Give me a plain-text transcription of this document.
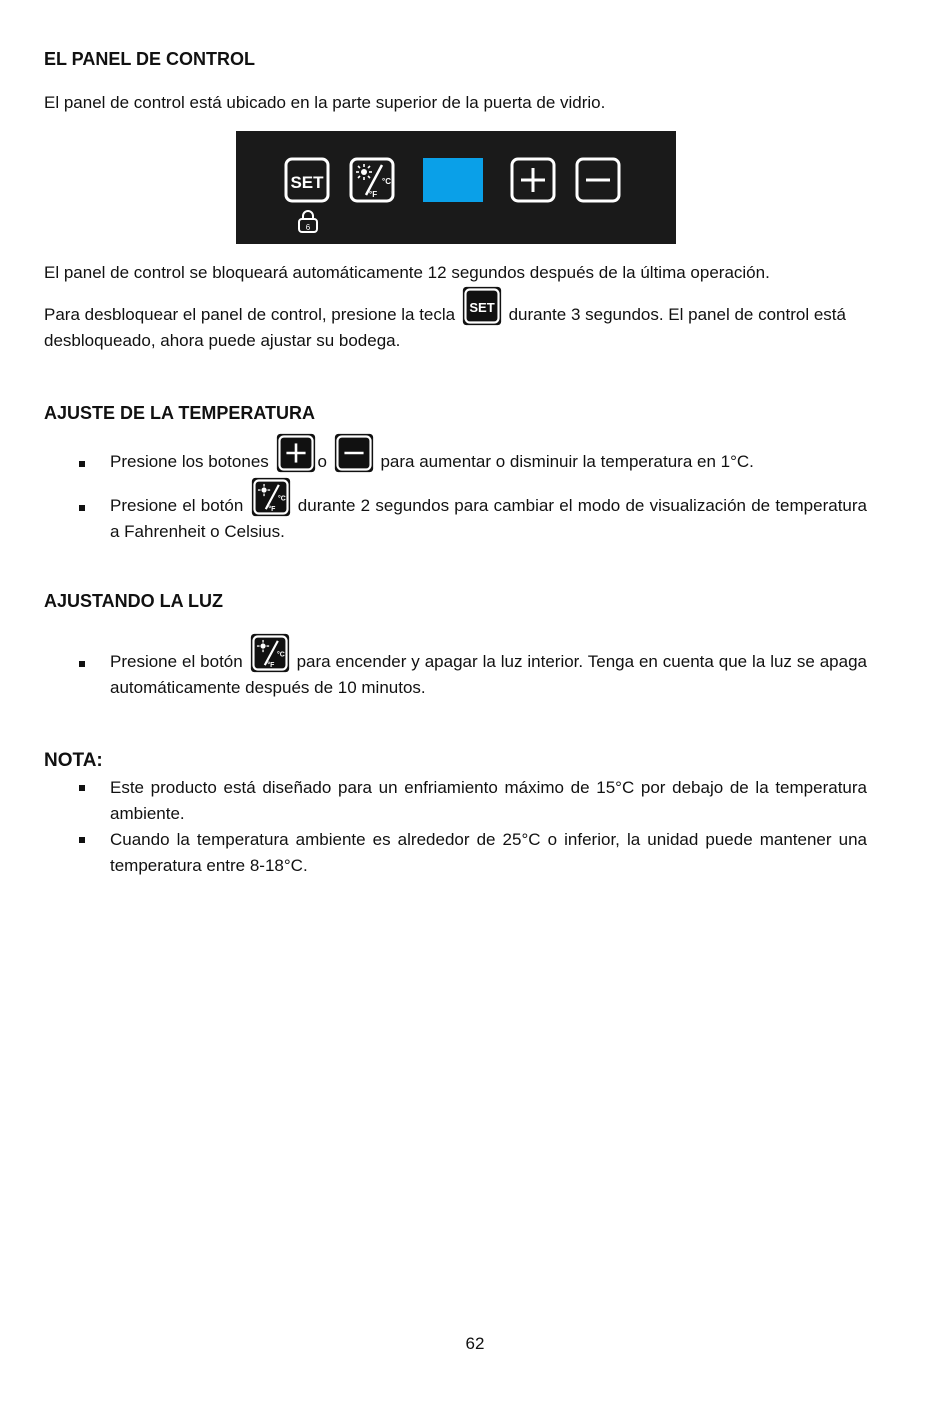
EL PANEL DE CONTROL

El panel de control está ubicado en la parte superior de la puerta de vidrio.

SET
6
°C
°F

El panel de control se bloqueará automáticamente 12 segundos después de la última operación.

Para desbloquear el panel de control, presione la tecla SET durante 3 segundos. El panel de control está desbloqueado, ahora puede ajustar su bodega.

AJUSTE DE LA TEMPERATURA
Presione los botones	o	para aumentar o disminuir la temperatura en 1°C.
Presione el botón	°C
°F durante 2 segundos para cambiar el modo de visualización de temperatura a Fahrenheit o Celsius.
AJUSTANDO LA LUZ
Presione el botón	°C
°F para encender y apagar la luz interior. Tenga en cuenta que la luz se apaga automáticamente después de 10 minutos.
NOTA:
Este producto está diseñado para un enfriamiento máximo de 15°C por debajo de la temperatura ambiente.
Cuando la temperatura ambiente es alrededor de 25°C o inferior, la unidad puede mantener una temperatura entre 8-18°C.
62
